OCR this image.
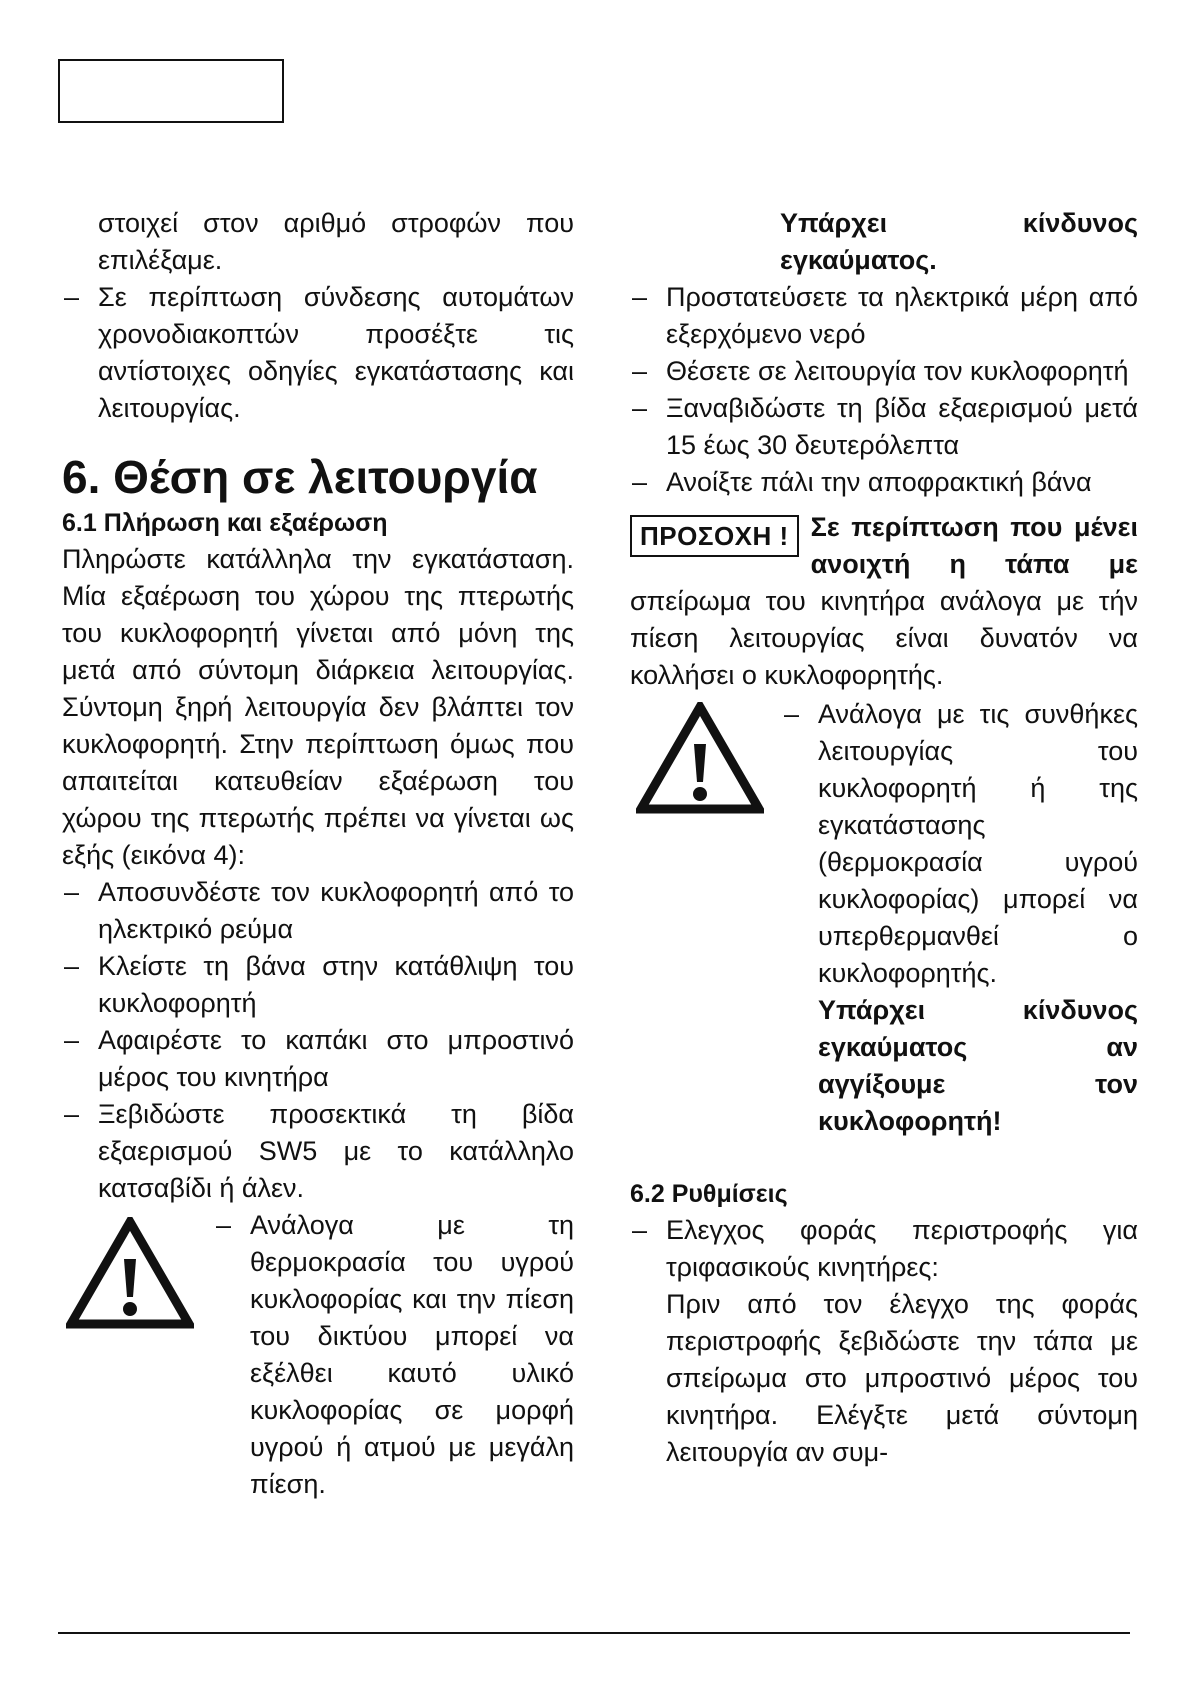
στοιχεί στον αριθμό στροφών που επιλέξαμε.

– Σε περίπτωση σύνδεσης αυτομάτων χρονοδιακοπτών προσέξτε τις αντίστοιχες οδηγίες εγκατάστασης και λειτουργίας.
6. Θέση σε λειτουργία
6.1 Πλήρωση και εξαέρωση

Πληρώστε κατάλληλα την εγκατάσταση. Μία εξαέρωση του χώρου της πτερωτής του κυκλοφορητή γίνεται από μόνη της μετά από σύντομη διάρκεια λειτουργίας. Σύντομη ξηρή λειτουργία δεν βλάπτει τον κυκλοφορητή. Στην περίπτωση όμως που απαιτείται κατευθείαν εξαέρωση του χώρου της πτερωτής πρέπει να γίνεται ως εξής (εικόνα 4):

– Αποσυνδέστε τον κυκλοφορητή από το ηλεκτρικό ρεύμα
– Κλείστε τη βάνα στην κατάθλιψη του κυκλοφορητή
– Αφαιρέστε το καπάκι στο μπροστινό μέρος του κινητήρα
– Ξεβιδώστε προσεκτικά τη βίδα εξαερισμού SW5 με το κατάλληλο κατσαβίδι ή άλεν.
– Ανάλογα με τη θερμοκρασία του υγρού κυκλοφορίας και την πίεση του δικτύου μπορεί να εξέλθει καυτό υλικό κυκλοφορίας σε μορφή υγρού ή ατμού με μεγάλη πίεση.

Υπάρχει κίνδυνος εγκαύματος.

– Προστατεύσετε τα ηλεκτρικά μέρη από εξερχόμενο νερό
– Θέσετε σε λειτουργία τον κυκλοφορητή
– Ξαναβιδώστε τη βίδα εξαερισμού μετά 15 έως 30 δευτερόλεπτα
– Ανοίξτε πάλι την αποφρακτική βάνα
ΠΡΟΣΟΧΗ ! Σε περίπτωση που μένει ανοιχτή η τάπα με σπείρωμα του κινητήρα ανάλογα με τήν πίεση λειτουργίας είναι δυνατόν να κολλήσει ο κυκλοφορητής.

– Ανάλογα με τις συνθήκες λειτουργίας του κυκλοφορητή ή της εγκατάστασης (θερμοκρασία υγρού κυκλοφορίας) μπορεί να υπερθερμανθεί ο κυκλοφορητής.

Υπάρχει κίνδυνος εγκαύματος αν αγγίξουμε τον κυκλοφορητή!

6.2 Ρυθμίσεις
– Ελεγχος φοράς περιστροφής για τριφασικούς κινητήρες:

Πριν από τον έλεγχο της φοράς περιστροφής ξεβιδώστε την τάπα με σπείρωμα στο μπροστινό μέρος του κινητήρα. Ελέγξτε μετά σύντομη λειτουργία αν συμ-
